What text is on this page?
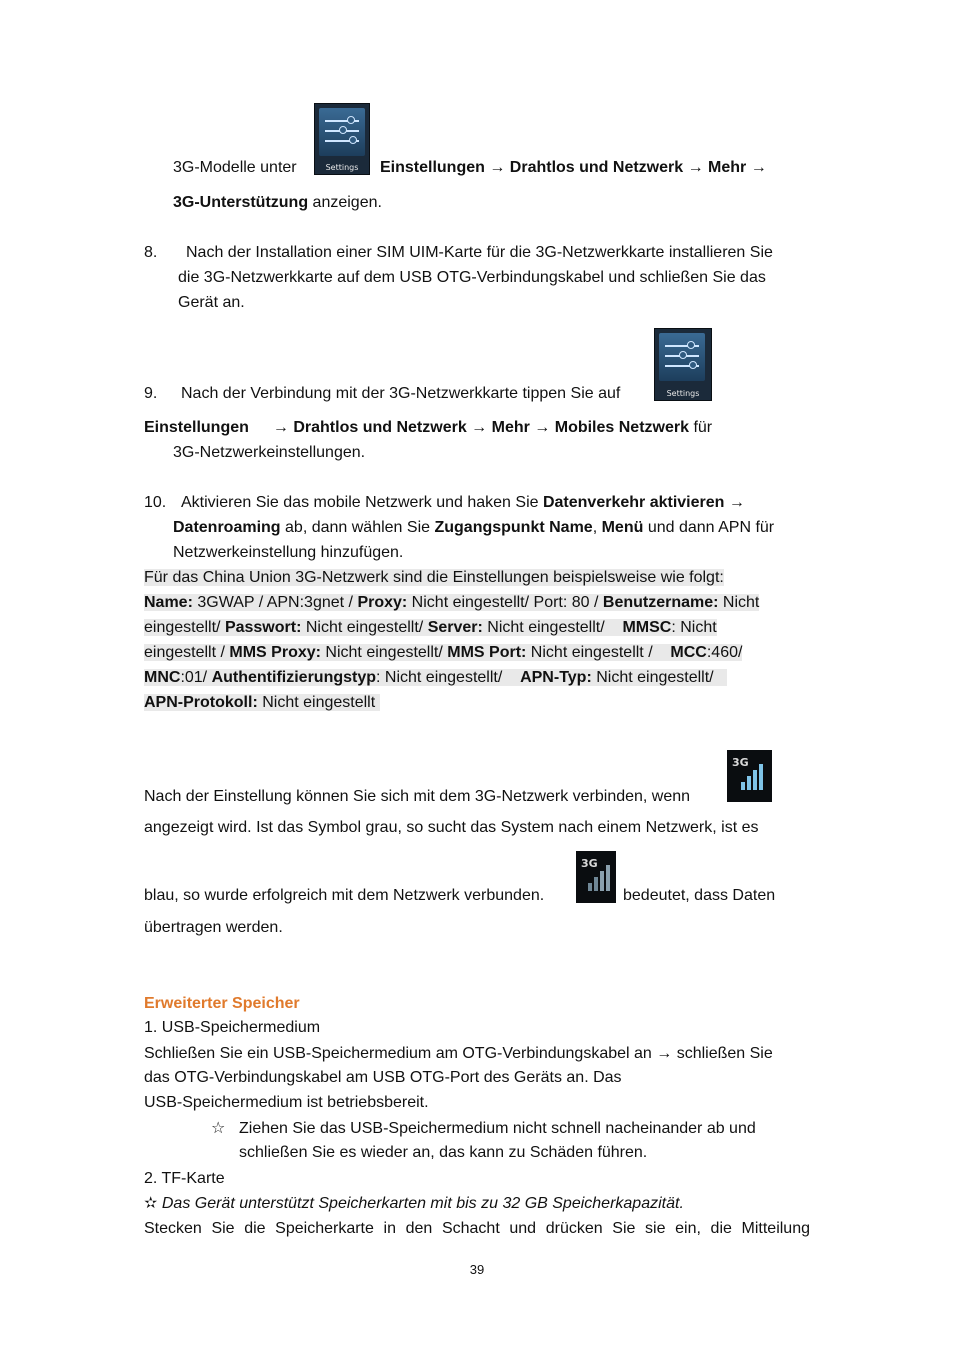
3G-Modelle unter	Settings	Einstellungen → Drahtlos und Netzwerk → Mehr →
3G-Unterstützung anzeigen.
8. Nach der Installation einer SIM UIM-Karte für die 3G-Netzwerkkarte installieren Sie
die 3G-Netzwerkkarte auf dem USB OTG-Verbindungskabel und schließen Sie das
Gerät an.
9. Nach der Verbindung mit der 3G-Netzwerkkarte tippen Sie auf	Settings
Einstellungen → Drahtlos und Netzwerk → Mehr → Mobiles Netzwerk für
3G-Netzwerkeinstellungen.
10. Aktivieren Sie das mobile Netzwerk und haken Sie Datenverkehr aktivieren →
Datenroaming ab, dann wählen Sie Zugangspunkt Name, Menü und dann APN für
Netzwerkeinstellung hinzufügen.
Für das China Union 3G-Netzwerk sind die Einstellungen beispielsweise wie folgt:
Name: 3GWAP / APN:3gnet / Proxy: Nicht eingestellt/ Port: 80 / Benutzername: Nicht
eingestellt/ Passwort: Nicht eingestellt/ Server: Nicht eingestellt/    MMSC: Nicht
eingestellt / MMS Proxy: Nicht eingestellt/ MMS Port: Nicht eingestellt /    MCC:460/
MNC:01/ Authentifizierungstyp: Nicht eingestellt/    APN-Typ: Nicht eingestellt/
APN-Protokoll: Nicht eingestellt
Nach der Einstellung können Sie sich mit dem 3G-Netzwerk verbinden, wenn
3G
angezeigt wird. Ist das Symbol grau, so sucht das System nach einem Netzwerk, ist es
blau, so wurde erfolgreich mit dem Netzwerk verbunden.
3G
bedeutet, dass Daten
übertragen werden.
Erweiterter Speicher
1. USB-Speichermedium
Schließen Sie ein USB-Speichermedium am OTG-Verbindungskabel an → schließen Sie
das OTG-Verbindungskabel am USB OTG-Port des Geräts an. Das
USB-Speichermedium ist betriebsbereit.
☆ Ziehen Sie das USB-Speichermedium nicht schnell nacheinander ab und
schließen Sie es wieder an, das kann zu Schäden führen.
2. TF-Karte
✫ Das Gerät unterstützt Speicherkarten mit bis zu 32 GB Speicherkapazität.
Stecken Sie die Speicherkarte in den Schacht und drücken Sie sie ein, die Mitteilung
39
